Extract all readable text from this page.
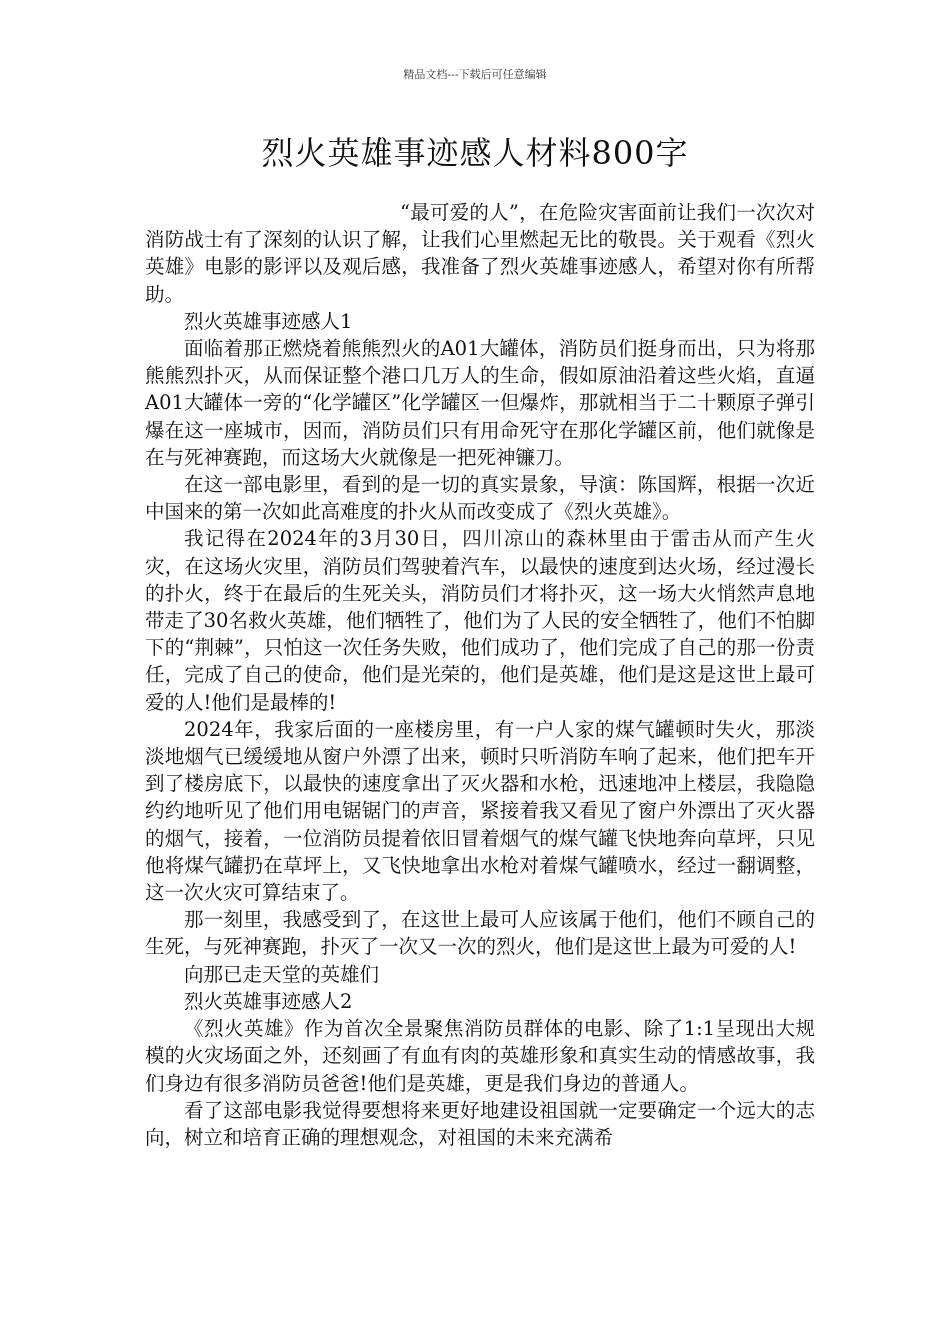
精品文档---下载后可任意编辑
烈火英雄事迹感人材料800字

“最可爱的人”，在危险灾害面前让我们一次次对消防战士有了深刻的认识了解，让我们心里燃起无比的敬畏。关于观看《烈火英雄》电影的影评以及观后感，我准备了烈火英雄事迹感人，希望对你有所帮助。

烈火英雄事迹感人1

面临着那正燃烧着熊熊烈火的A01大罐体，消防员们挺身而出，只为将那熊熊烈扑灭，从而保证整个港口几万人的生命，假如原油沿着这些火焰，直逼A01大罐体一旁的“化学罐区”化学罐区一但爆炸，那就相当于二十颗原子弹引爆在这一座城市，因而，消防员们只有用命死守在那化学罐区前，他们就像是在与死神赛跑，而这场大火就像是一把死神镰刀。

在这一部电影里，看到的是一切的真实景象，导演：陈国辉，根据一次近中国来的第一次如此高难度的扑火从而改变成了《烈火英雄》。

我记得在2024年的3月30日，四川凉山的森林里由于雷击从而产生火灾，在这场火灾里，消防员们驾驶着汽车，以最快的速度到达火场，经过漫长的扑火，终于在最后的生死关头，消防员们才将扑灭，这一场大火悄然声息地带走了30名救火英雄，他们牺牲了，他们为了人民的安全牺牲了，他们不怕脚下的“荆棘”，只怕这一次任务失败，他们成功了，他们完成了自己的那一份责任，完成了自己的使命，他们是光荣的，他们是英雄，他们是这是这世上最可爱的人!他们是最棒的!

2024年，我家后面的一座楼房里，有一户人家的煤气罐顿时失火，那淡淡地烟气已缓缓地从窗户外漂了出来，顿时只听消防车响了起来，他们把车开到了楼房底下，以最快的速度拿出了灭火器和水枪，迅速地冲上楼层，我隐隐约约地听见了他们用电锯锯门的声音，紧接着我又看见了窗户外漂出了灭火器的烟气，接着，一位消防员提着依旧冒着烟气的煤气罐飞快地奔向草坪，只见他将煤气罐扔在草坪上，又飞快地拿出水枪对着煤气罐喷水，经过一翻调整，这一次火灾可算结束了。

那一刻里，我感受到了，在这世上最可人应该属于他们，他们不顾自己的生死，与死神赛跑，扑灭了一次又一次的烈火，他们是这世上最为可爱的人!

向那已走天堂的英雄们

烈火英雄事迹感人2

《烈火英雄》作为首次全景聚焦消防员群体的电影、除了1:1呈现出大规模的火灾场面之外，还刻画了有血有肉的英雄形象和真实生动的情感故事，我们身边有很多消防员爸爸!他们是英雄，更是我们身边的普通人。

看了这部电影我觉得要想将来更好地建设祖国就一定要确定一个远大的志向，树立和培育正确的理想观念，对祖国的未来充满希
